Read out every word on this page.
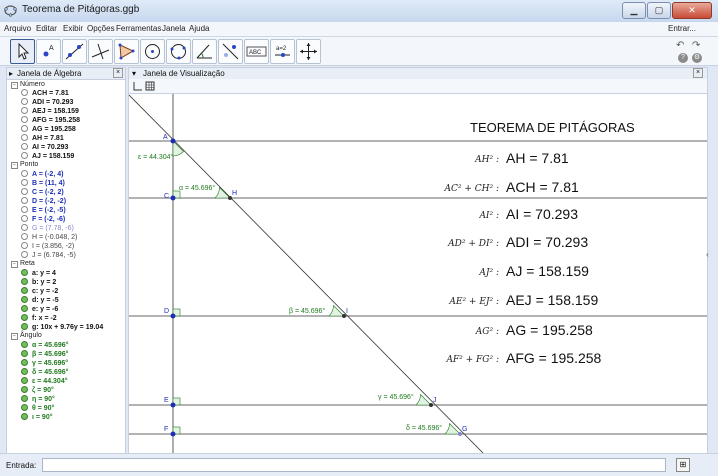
Teorema de Pitágoras.ggb	▁	▢	✕
Arquivo Editar Exibir Opções Ferramentas Janela Ajuda	Entrar...
A
ABC
a=2	↶ ↷
?	⚙
▸ Janela de Álgebra	×
− Número
ACH = 7.81
ADI = 70.293
AEJ = 158.159
AFG = 195.258
AG = 195.258
AH = 7.81
AI = 70.293
AJ = 158.159
− Ponto
A = (-2, 4)
B = (11, 4)
C = (-2, 2)
D = (-2, -2)
E = (-2, -5)
F = (-2, -6)
G = (7.78, -6)
H = (-0.048, 2)
I = (3.856, -2)
J = (6.784, -5)
− Reta
a: y = 4
b: y = 2
c: y = -2
d: y = -5
e: y = -6
f: x = -2
g: 10x + 9.76y = 19.04
− Ângulo
α = 45.696°
β = 45.696°
γ = 45.696°
δ = 45.696°
ε = 44.304°
ζ = 90°
η = 90°
θ = 90°
ι = 90°
▾ Janela de Visualização	×
A
C	H
D	I
E	J
F	G
ε = 44.304°
α = 45.696°
β = 45.696°
γ = 45.696°
δ = 45.696°
TEOREMA DE PITÁGORAS
AH² : AH = 7.81
AC² + CH² : ACH = 7.81
AI² : AI = 70.293
AD² + DI² : ADI = 70.293
AJ² : AJ = 158.159
AE² + EJ² : AEJ = 158.159
AG² : AG = 195.258
AF² + FG² : AFG = 195.258
‹
Entrada:	⊞
